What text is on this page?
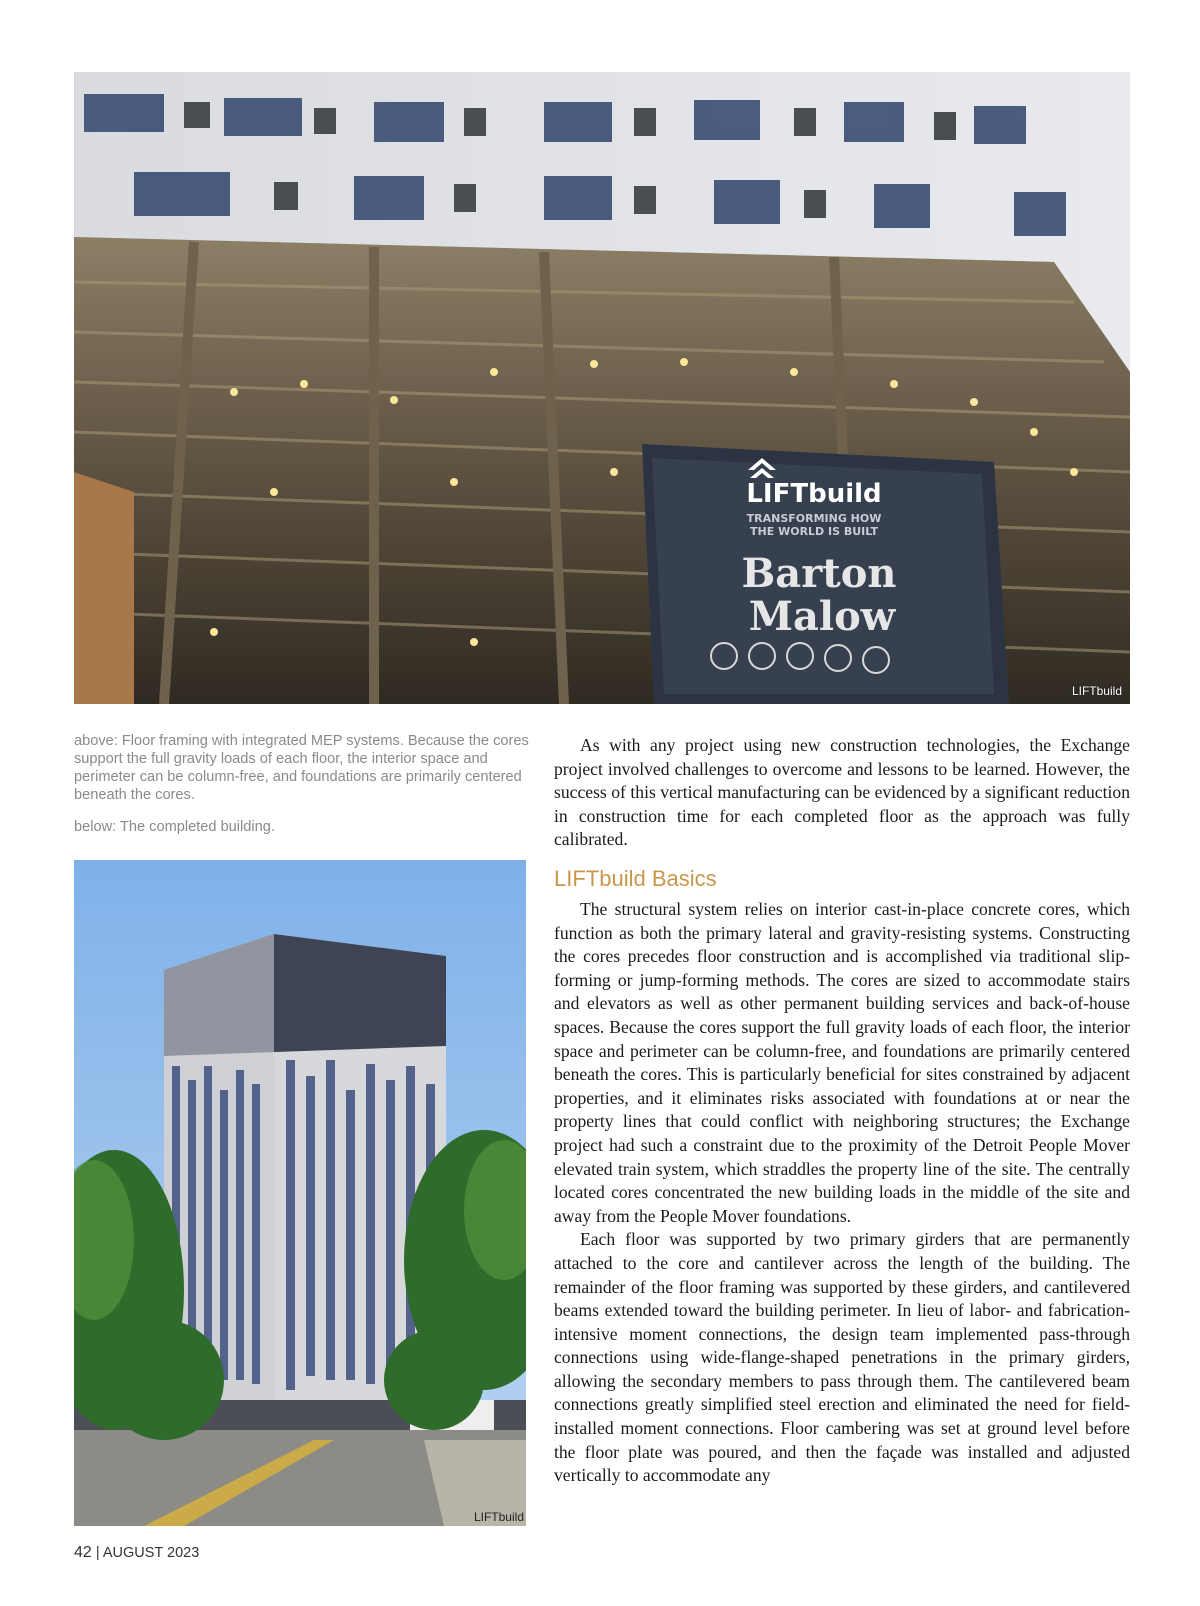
LIFTbuild
TRANSFORMING HOW
THE WORLD IS BUILT
Barton
Malow
LIFTbuild

above: Floor framing with integrated MEP systems. Because the cores support the full gravity loads of each floor, the interior space and perimeter can be column-free, and foundations are primarily centered beneath the cores.

below: The completed building.

LIFTbuild

As with any project using new construction technologies, the Exchange project involved challenges to overcome and lessons to be learned. However, the success of this vertical manufacturing can be evidenced by a significant reduction in construction time for each completed floor as the approach was fully calibrated.

LIFTbuild Basics

The structural system relies on interior cast-in-place concrete cores, which function as both the primary lateral and gravity-resisting systems. Constructing the cores precedes floor construction and is accomplished via traditional slip-forming or jump-forming methods. The cores are sized to accommodate stairs and elevators as well as other permanent building services and back-of-house spaces. Because the cores support the full gravity loads of each floor, the interior space and perimeter can be column-free, and foundations are primarily centered beneath the cores. This is particularly beneficial for sites constrained by adjacent properties, and it eliminates risks associated with foundations at or near the property lines that could conflict with neighboring structures; the Exchange project had such a constraint due to the proximity of the Detroit People Mover elevated train system, which straddles the property line of the site. The centrally located cores concentrated the new building loads in the middle of the site and away from the People Mover foundations.

Each floor was supported by two primary girders that are permanently attached to the core and cantilever across the length of the building. The remainder of the floor framing was supported by these girders, and cantilevered beams extended toward the building perimeter. In lieu of labor- and fabrication-intensive moment connections, the design team implemented pass-through connections using wide-flange-shaped penetrations in the primary girders, allowing the secondary members to pass through them. The cantilevered beam connections greatly simplified steel erection and eliminated the need for field-installed moment connections. Floor cambering was set at ground level before the floor plate was poured, and then the façade was installed and adjusted vertically to accommodate any

42 | AUGUST 2023
